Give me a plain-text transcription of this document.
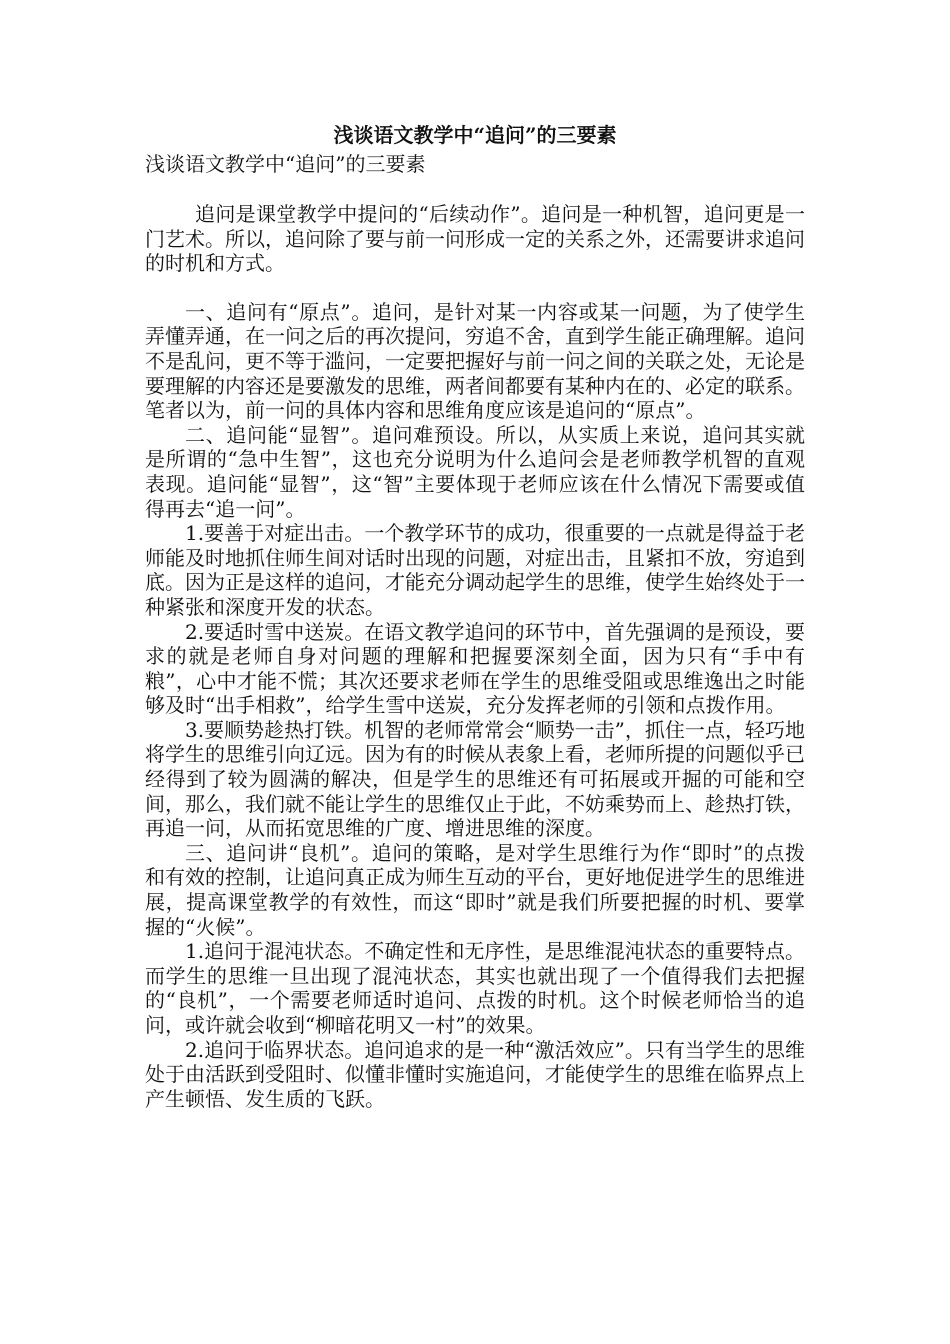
浅谈语文教学中“追问”的三要素

浅谈语文教学中“追问”的三要素

追问是课堂教学中提问的“后续动作”。追问是一种机智，追问更是一门艺术。所以，追问除了要与前一问形成一定的关系之外，还需要讲求追问的时机和方式。

一、追问有“原点”。追问，是针对某一内容或某一问题，为了使学生弄懂弄通，在一问之后的再次提问，穷追不舍，直到学生能正确理解。追问不是乱问，更不等于滥问，一定要把握好与前一问之间的关联之处，无论是要理解的内容还是要激发的思维，两者间都要有某种内在的、必定的联系。笔者以为，前一问的具体内容和思维角度应该是追问的“原点”。

二、追问能“显智”。追问难预设。所以，从实质上来说，追问其实就是所谓的“急中生智”，这也充分说明为什么追问会是老师教学机智的直观表现。追问能“显智”，这“智”主要体现于老师应该在什么情况下需要或值得再去“追一问”。

1.要善于对症出击。一个教学环节的成功，很重要的一点就是得益于老师能及时地抓住师生间对话时出现的问题，对症出击，且紧扣不放，穷追到底。因为正是这样的追问，才能充分调动起学生的思维，使学生始终处于一种紧张和深度开发的状态。

2.要适时雪中送炭。在语文教学追问的环节中，首先强调的是预设，要求的就是老师自身对问题的理解和把握要深刻全面，因为只有“手中有粮”，心中才能不慌；其次还要求老师在学生的思维受阻或思维逸出之时能够及时“出手相救”，给学生雪中送炭，充分发挥老师的引领和点拨作用。

3.要顺势趁热打铁。机智的老师常常会“顺势一击”，抓住一点，轻巧地将学生的思维引向辽远。因为有的时候从表象上看，老师所提的问题似乎已经得到了较为圆满的解决，但是学生的思维还有可拓展或开掘的可能和空间，那么，我们就不能让学生的思维仅止于此，不妨乘势而上、趁热打铁，再追一问，从而拓宽思维的广度、增进思维的深度。

三、追问讲“良机”。追问的策略，是对学生思维行为作“即时”的点拨和有效的控制，让追问真正成为师生互动的平台，更好地促进学生的思维进展，提高课堂教学的有效性，而这“即时”就是我们所要把握的时机、要掌握的“火候”。

1.追问于混沌状态。不确定性和无序性，是思维混沌状态的重要特点。而学生的思维一旦出现了混沌状态，其实也就出现了一个值得我们去把握的“良机”，一个需要老师适时追问、点拨的时机。这个时候老师恰当的追问，或许就会收到“柳暗花明又一村”的效果。

2.追问于临界状态。追问追求的是一种“激活效应”。只有当学生的思维处于由活跃到受阻时、似懂非懂时实施追问，才能使学生的思维在临界点上产生顿悟、发生质的飞跃。
